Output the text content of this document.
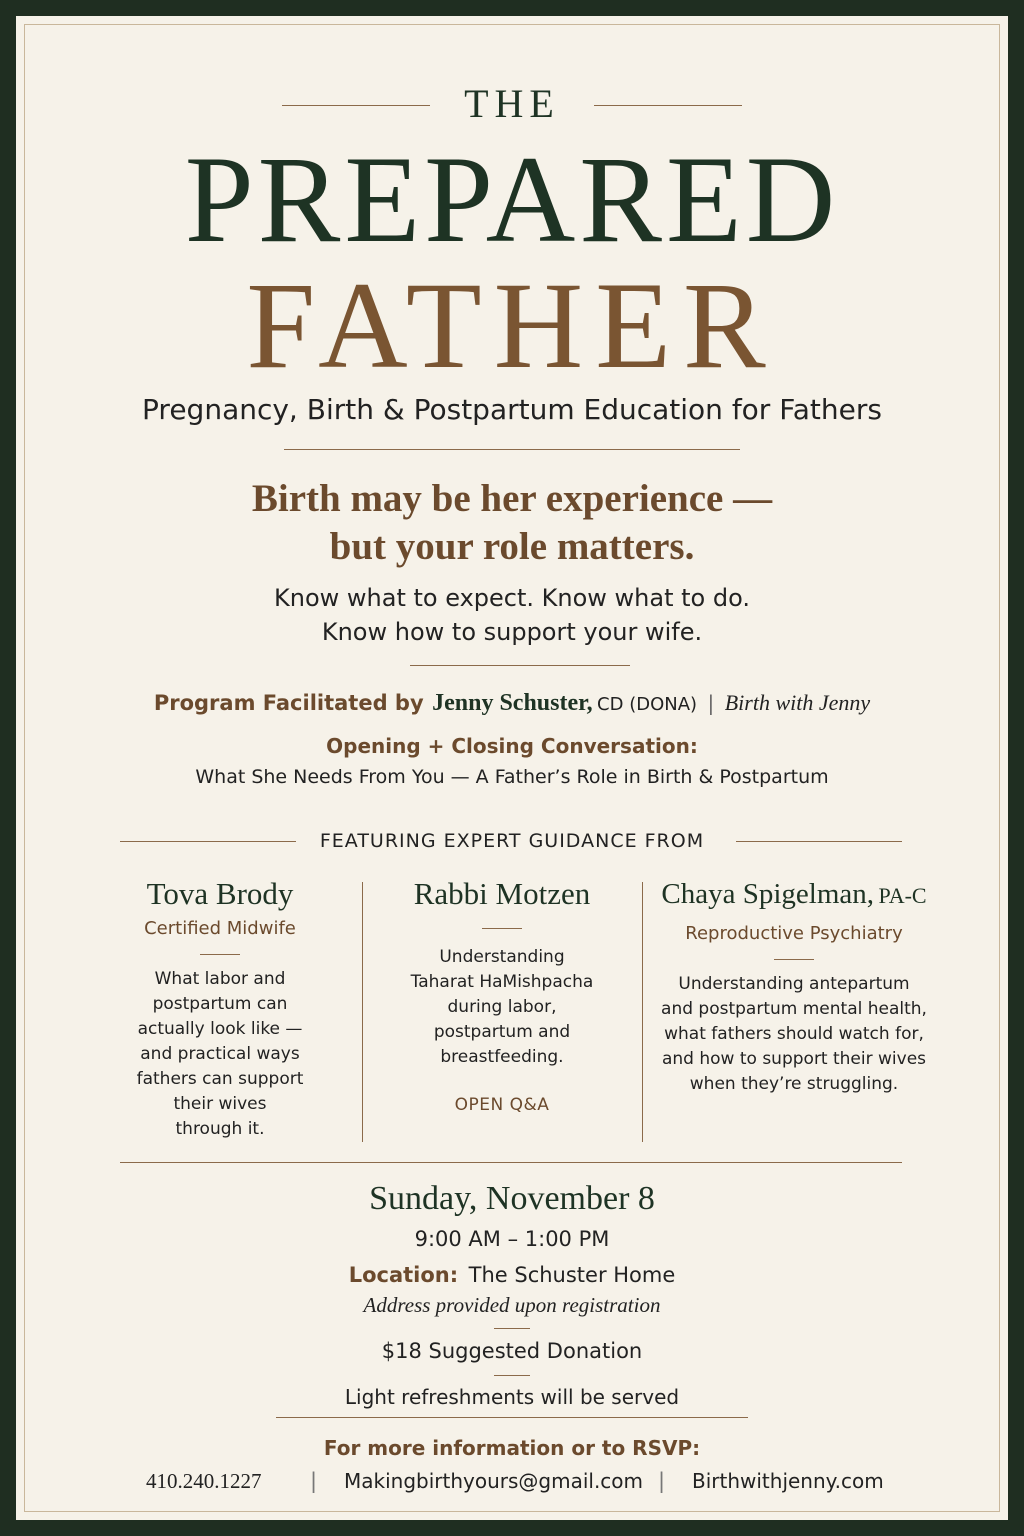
THE
PREPARED
FATHER
Pregnancy, Birth & Postpartum Education for Fathers
Birth may be her experience —
but your role matters.
Know what to expect. Know what to do.
Know how to support your wife.
Program Facilitated by Jenny Schuster, CD (DONA) | Birth with Jenny
Opening + Closing Conversation:
What She Needs From You — A Father’s Role in Birth & Postpartum
FEATURING EXPERT GUIDANCE FROM
Tova Brody
Certified Midwife
What labor and
postpartum can
actually look like —
and practical ways
fathers can support
their wives
through it.
Rabbi Motzen
Understanding
Taharat HaMishpacha
during labor,
postpartum and
breastfeeding.
OPEN Q&A
Chaya Spigelman, PA-C
Reproductive Psychiatry
Understanding antepartum
and postpartum mental health,
what fathers should watch for,
and how to support their wives
when they’re struggling.
Sunday, November 8
9:00 AM – 1:00 PM
Location: The Schuster Home
Address provided upon registration
$18 Suggested Donation
Light refreshments will be served
For more information or to RSVP:
410.240.1227 | Makingbirthyours@gmail.com | Birthwithjenny.com
